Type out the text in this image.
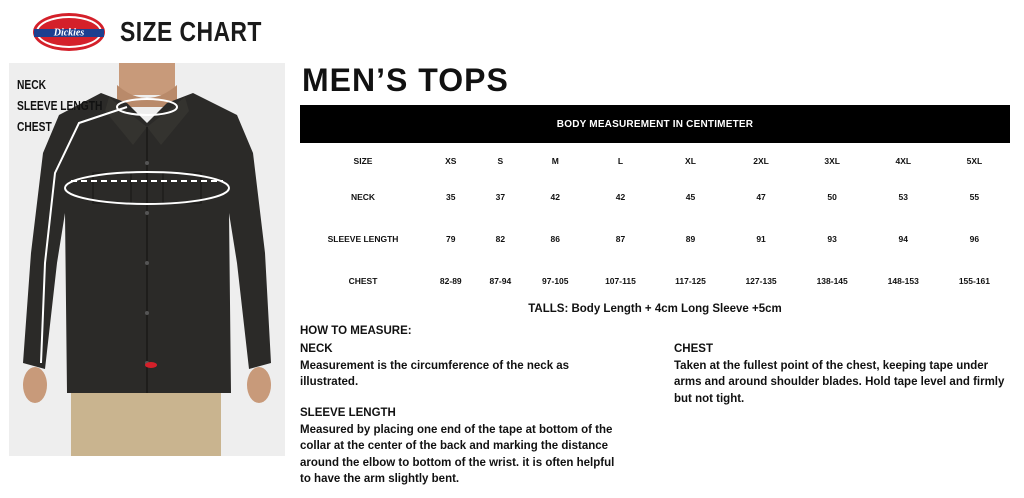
Dickies SIZE CHART
NECK
SLEEVE LENGTH
CHEST
MEN’S TOPS
BODY MEASUREMENT IN CENTIMETER
SIZE	XS	S	M	L	XL	2XL	3XL	4XL	5XL
NECK	35	37	42	42	45	47	50	53	55
SLEEVE LENGTH	79	82	86	87	89	91	93	94	96
CHEST	82-89	87-94	97-105	107-115	117-125	127-135	138-145	148-153	155-161
TALLS: Body Length + 4cm Long Sleeve +5cm
HOW TO MEASURE:
NECK
Measurement is the circumference of the neck as
illustrated.
SLEEVE LENGTH
Measured by placing one end of the tape at bottom of the
collar at the center of the back and marking the distance
around the elbow to bottom of the wrist. it is often helpful
to have the arm slightly bent.
CHEST
Taken at the fullest point of the chest, keeping tape under
arms and around shoulder blades. Hold tape level and firmly
but not tight.
